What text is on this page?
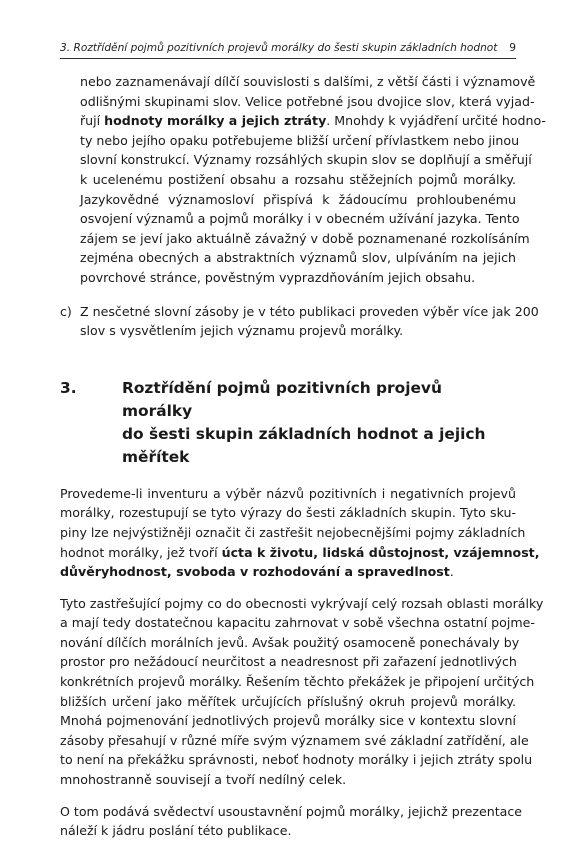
3. Roztřídění pojmů pozitivních projevů morálky do šesti skupin základních hodnot 9
nebo zaznamenávají dílčí souvislosti s dalšími, z větší části i významově
odlišnými skupinami slov. Velice potřebné jsou dvojice slov, která vyjad-
řují hodnoty morálky a jejich ztráty. Mnohdy k vyjádření určité hodno-
ty nebo jejího opaku potřebujeme bližší určení přívlastkem nebo jinou
slovní konstrukcí. Významy rozsáhlých skupin slov se doplňují a směřují
k ucelenému postižení obsahu a rozsahu stěžejních pojmů morálky.
Jazykovědné významosloví přispívá k žádoucímu prohloubenému
osvojení významů a pojmů morálky i v obecném užívání jazyka. Tento
zájem se jeví jako aktuálně závažný v době poznamenané rozkolísáním
zejména obecných a abstraktních významů slov, ulpíváním na jejich
povrchové stránce, pověstným vyprazdňováním jejich obsahu.
c) Z nesčetné slovní zásoby je v této publikaci proveden výběr více jak 200
slov s vysvětlením jejich významu projevů morálky.
3.	Roztřídění pojmů pozitivních projevů morálky
do šesti skupin základních hodnot a jejich měřítek
Provedeme-li inventuru a výběr názvů pozitivních i negativních projevů
morálky, rozestupují se tyto výrazy do šesti základních skupin. Tyto sku-
piny lze nejvýstižněji označit či zastřešit nejobecnějšími pojmy základních
hodnot morálky, jež tvoří úcta k životu, lidská důstojnost, vzájemnost,
důvěryhodnost, svoboda v rozhodování a spravedlnost.
Tyto zastřešující pojmy co do obecnosti vykrývají celý rozsah oblasti morálky
a mají tedy dostatečnou kapacitu zahrnovat v sobě všechna ostatní pojme-
nování dílčích morálních jevů. Avšak použitý osamoceně ponechávaly by
prostor pro nežádoucí neurčitost a neadresnost při zařazení jednotlivých
konkrétních projevů morálky. Řešením těchto překážek je připojení určitých
bližších určení jako měřítek určujících příslušný okruh projevů morálky.
Mnohá pojmenování jednotlivých projevů morálky sice v kontextu slovní
zásoby přesahují v různé míře svým významem své základní zatřídění, ale
to není na překážku správnosti, neboť hodnoty morálky i jejich ztráty spolu
mnohostranně souvisejí a tvoří nedílný celek.
O tom podává svědectví usoustavnění pojmů morálky, jejichž prezentace
náleží k jádru poslání této publikace.
